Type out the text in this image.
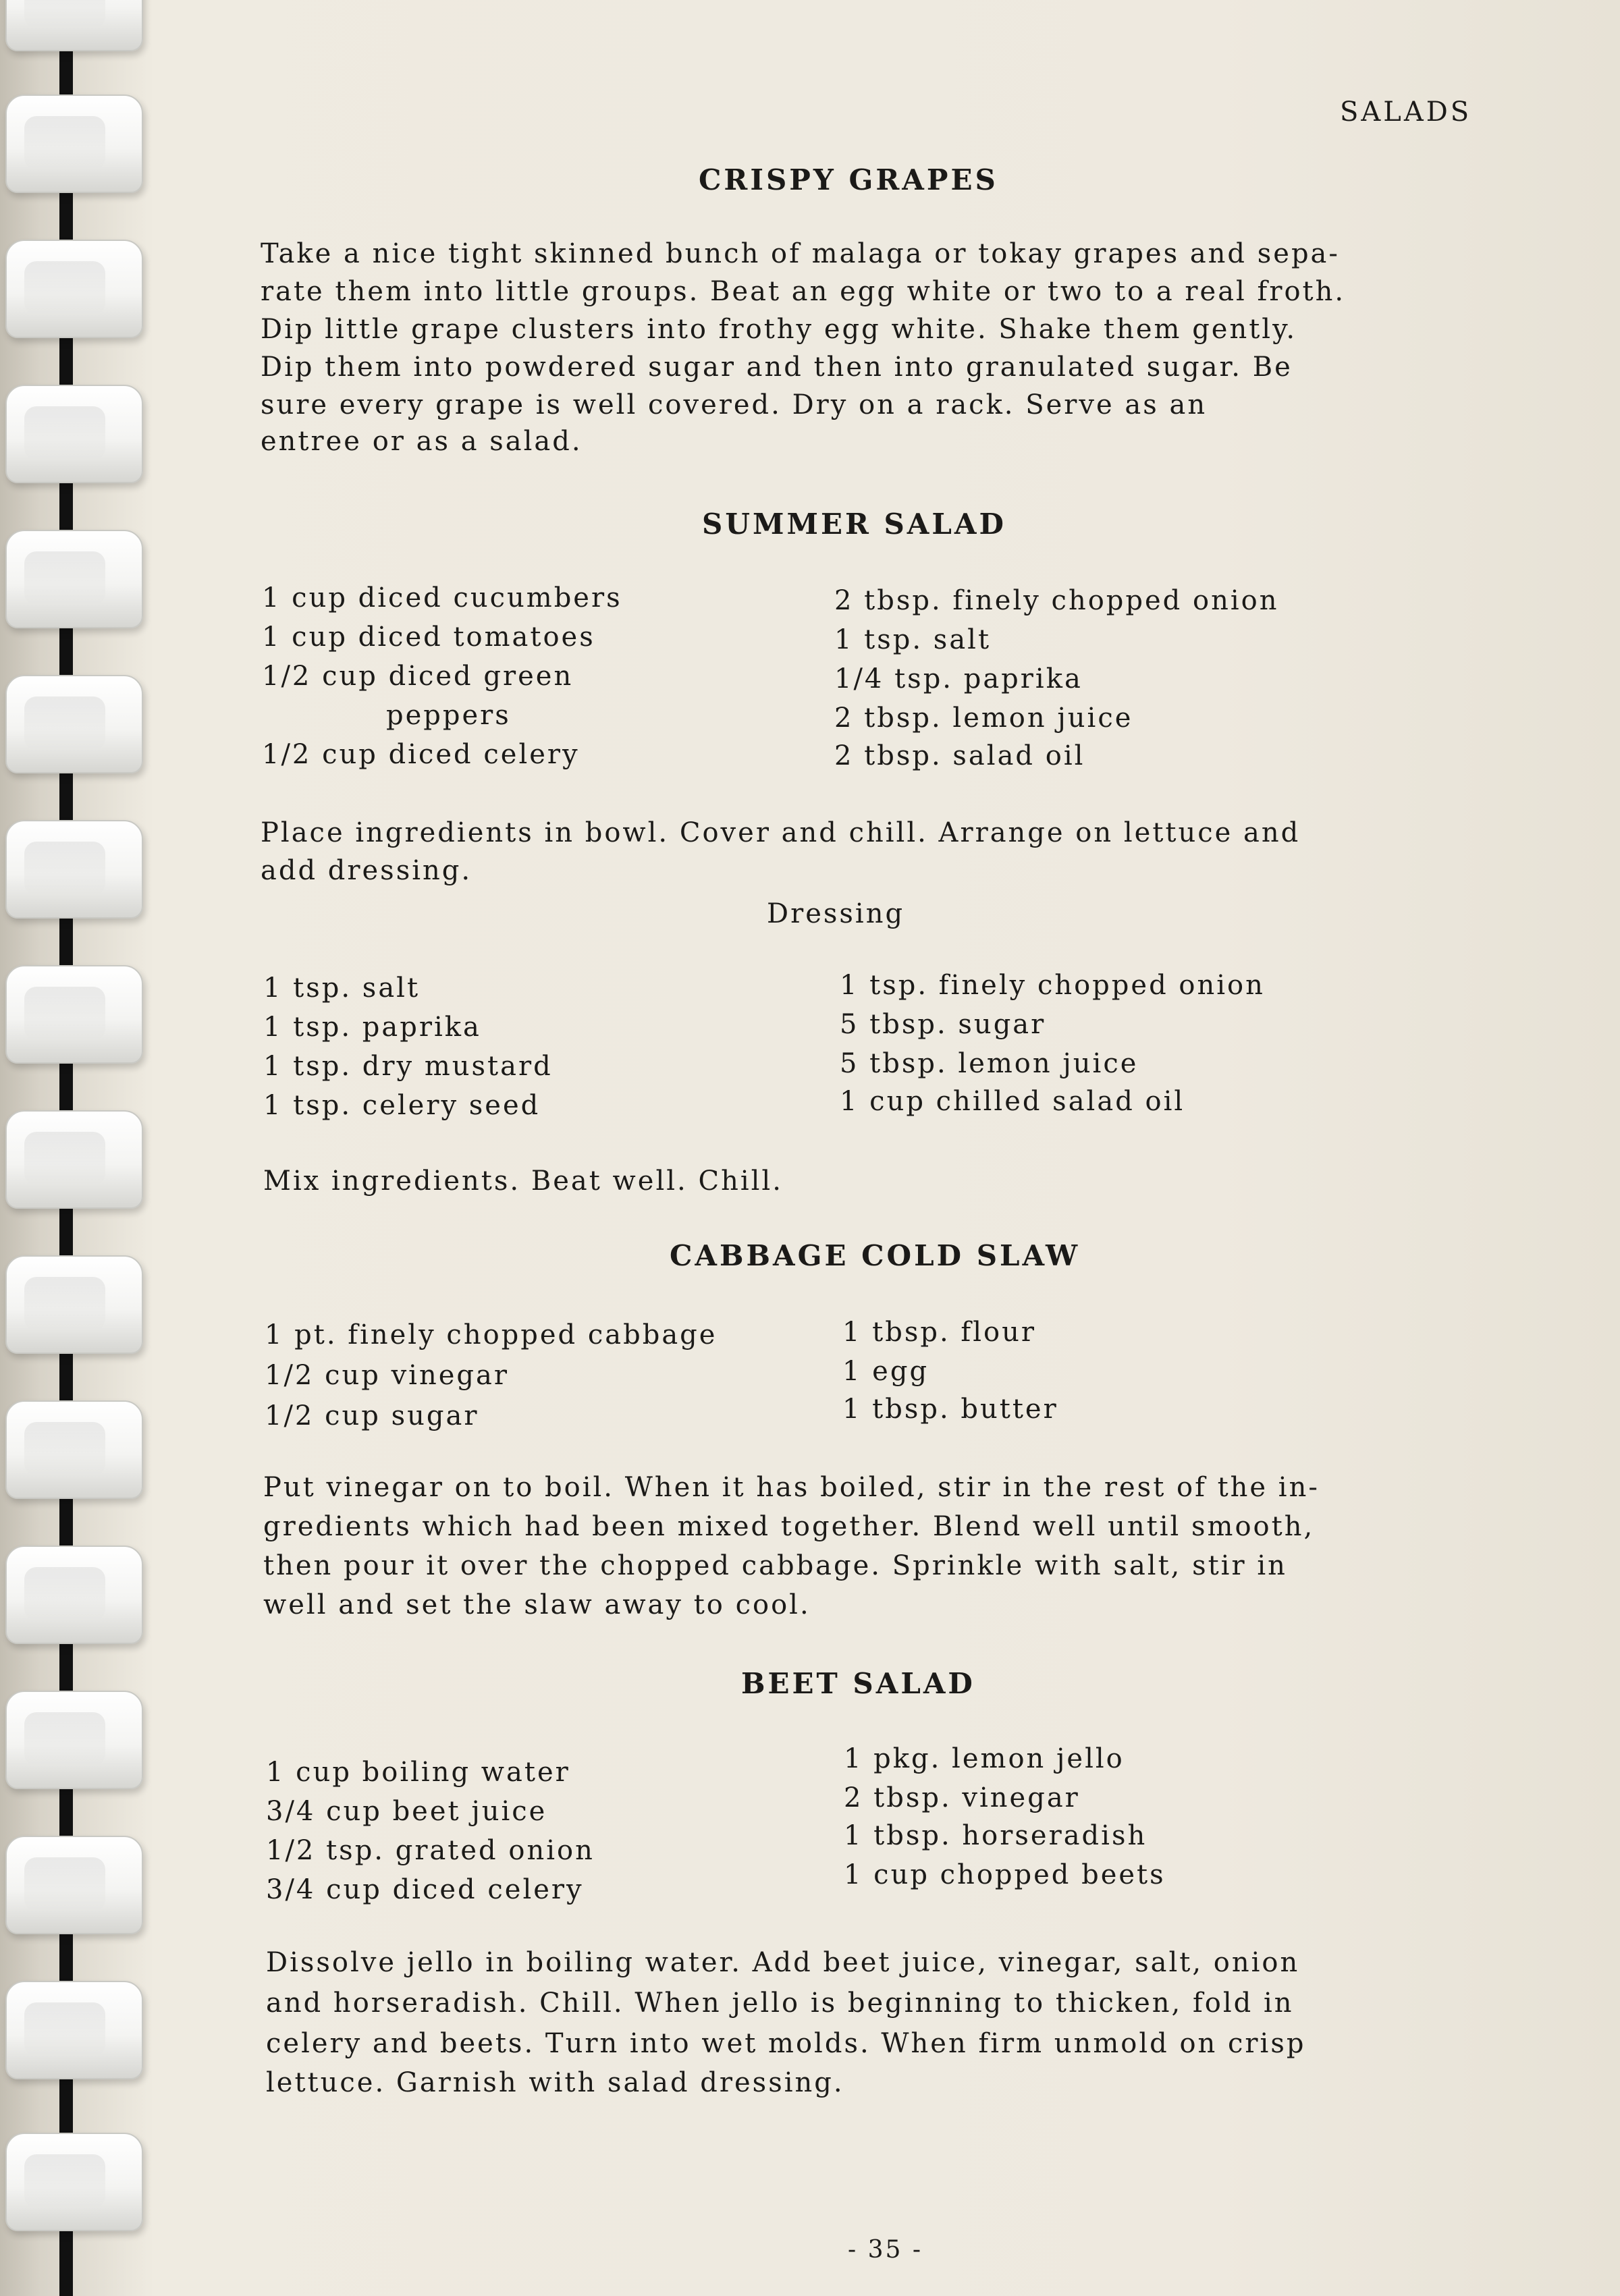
SALADS
CRISPY GRAPES
Take a nice tight skinned bunch of malaga or tokay grapes and sepa-
rate them into little groups. Beat an egg white or two to a real froth.
Dip little grape clusters into frothy egg white. Shake them gently.
Dip them into powdered sugar and then into granulated sugar. Be
sure every grape is well covered. Dry on a rack. Serve as an
entree or as a salad.
SUMMER SALAD
1 cup diced cucumbers
1 cup diced tomatoes
1/2 cup diced green
peppers
1/2 cup diced celery
2 tbsp. finely chopped onion
1 tsp. salt
1/4 tsp. paprika
2 tbsp. lemon juice
2 tbsp. salad oil
Place ingredients in bowl. Cover and chill. Arrange on lettuce and
add dressing.
Dressing
1 tsp. salt
1 tsp. paprika
1 tsp. dry mustard
1 tsp. celery seed
1 tsp. finely chopped onion
5 tbsp. sugar
5 tbsp. lemon juice
1 cup chilled salad oil
Mix ingredients. Beat well. Chill.
CABBAGE COLD SLAW
1 pt. finely chopped cabbage
1/2 cup vinegar
1/2 cup sugar
1 tbsp. flour
1 egg
1 tbsp. butter
Put vinegar on to boil. When it has boiled, stir in the rest of the in-
gredients which had been mixed together. Blend well until smooth,
then pour it over the chopped cabbage. Sprinkle with salt, stir in
well and set the slaw away to cool.
BEET SALAD
1 cup boiling water
3/4 cup beet juice
1/2 tsp. grated onion
3/4 cup diced celery
1 pkg. lemon jello
2 tbsp. vinegar
1 tbsp. horseradish
1 cup chopped beets
Dissolve jello in boiling water. Add beet juice, vinegar, salt, onion
and horseradish. Chill. When jello is beginning to thicken, fold in
celery and beets. Turn into wet molds. When firm unmold on crisp
lettuce. Garnish with salad dressing.
- 35 -
